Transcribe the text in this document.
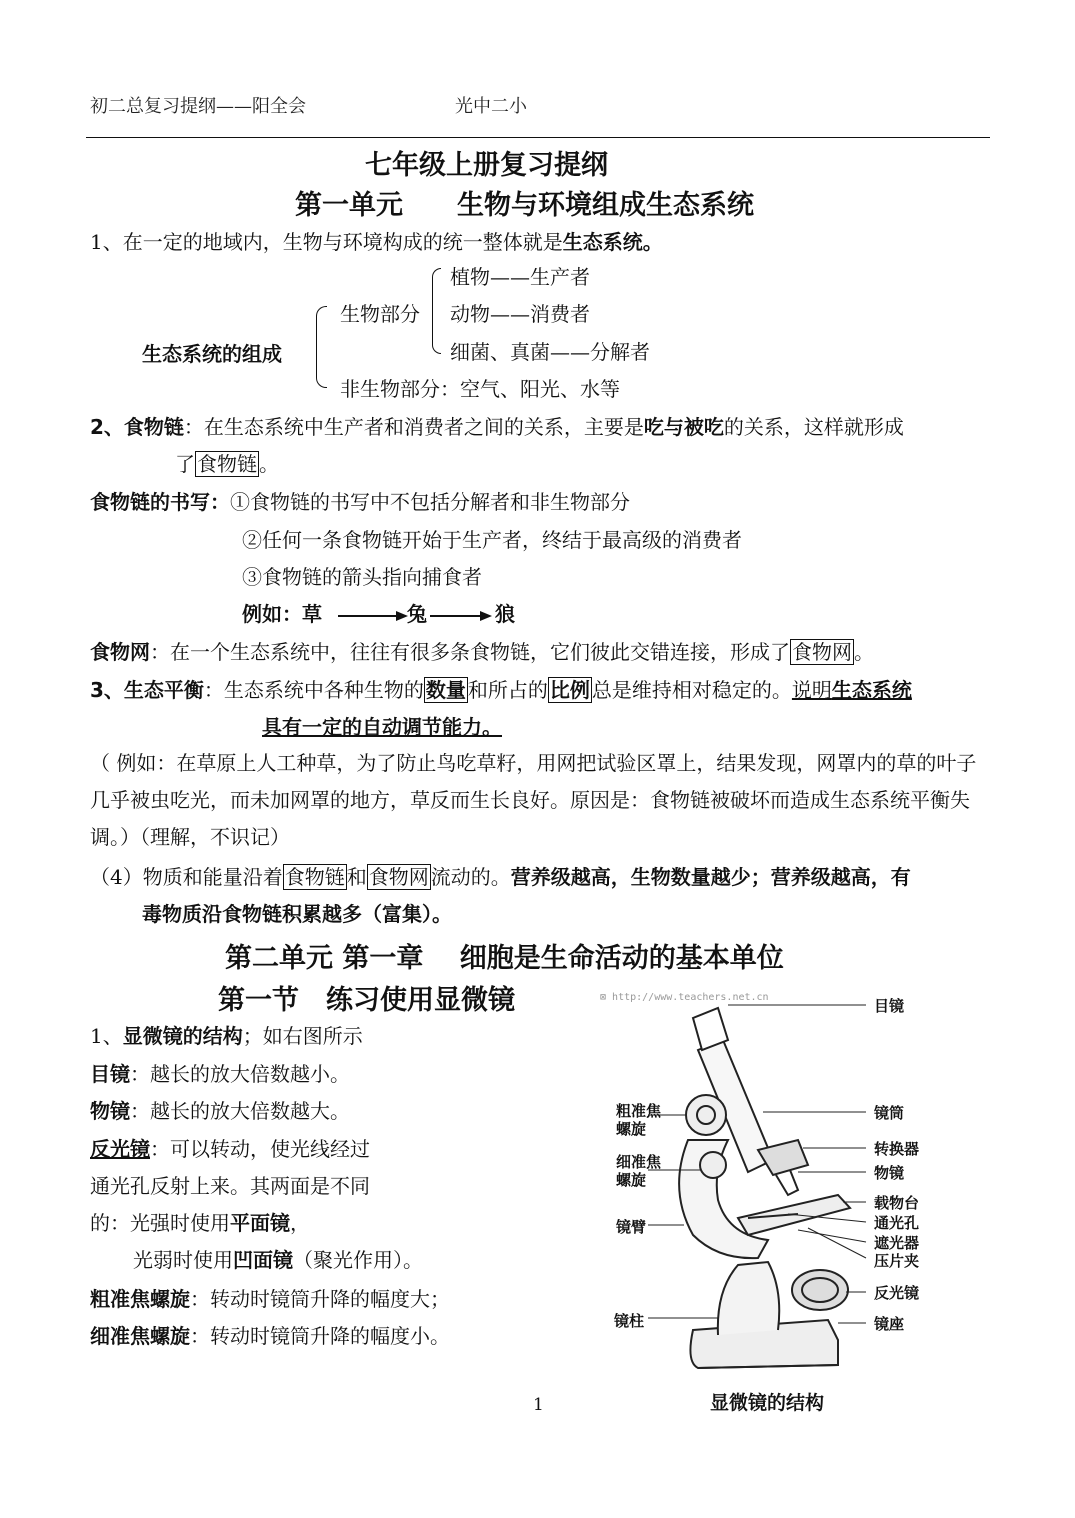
初二总复习提纲——阳全会	光中二小
七年级上册复习提纲
第一单元　　生物与环境组成生态系统
1、在一定的地域内，生物与环境构成的统一整体就是生态系统。
生态系统的组成
生物部分
植物——生产者
动物——消费者
细菌、真菌——分解者
非生物部分：空气、阳光、水等
2、食物链：在生态系统中生产者和消费者之间的关系，主要是吃与被吃的关系，这样就形成
了 食物链 。
食物链的书写：①食物链的书写中不包括分解者和非生物部分
②任何一条食物链开始于生产者，终结于最高级的消费者
③食物链的箭头指向捕食者
例如：草	兔	狼
食物网：在一个生态系统中，往往有很多条食物链，它们彼此交错连接，形成了 食物网 。
3、生态平衡：生态系统中各种生物的 数量 和所占的 比例 总是维持相对稳定的。说明生态系统
具有一定的自动调节能力。
（ 例如：在草原上人工种草，为了防止鸟吃草籽，用网把试验区罩上，结果发现，网罩内的草的叶子几乎被虫吃光，而未加网罩的地方，草反而生长良好。原因是：食物链被破坏而造成生态系统平衡失调。）（理解，不识记）
（4）物质和能量沿着 食物链 和 食物网 流动的。营养级越高，生物数量越少；营养级越高，有
毒物质沿食物链积累越多（富集）。
第二单元 第一章　 细胞是生命活动的基本单位
第一节　练习使用显微镜
1、显微镜的结构；如右图所示
目镜：越长的放大倍数越小。
物镜：越长的放大倍数越大。
反光镜：可以转动，使光线经过
通光孔反射上来。其两面是不同
的：光强时使用平面镜，
光弱时使用凹面镜（聚光作用）。
粗准焦螺旋：转动时镜筒升降的幅度大；
细准焦螺旋：转动时镜筒升降的幅度小。
⊠ http://www.teachers.net.cn	目镜
镜筒
转换器
物镜
载物台
通光孔
遮光器
压片夹
反光镜
镜座
粗准焦
螺旋
细准焦
螺旋
镜臂
镜柱
显微镜的结构
1
